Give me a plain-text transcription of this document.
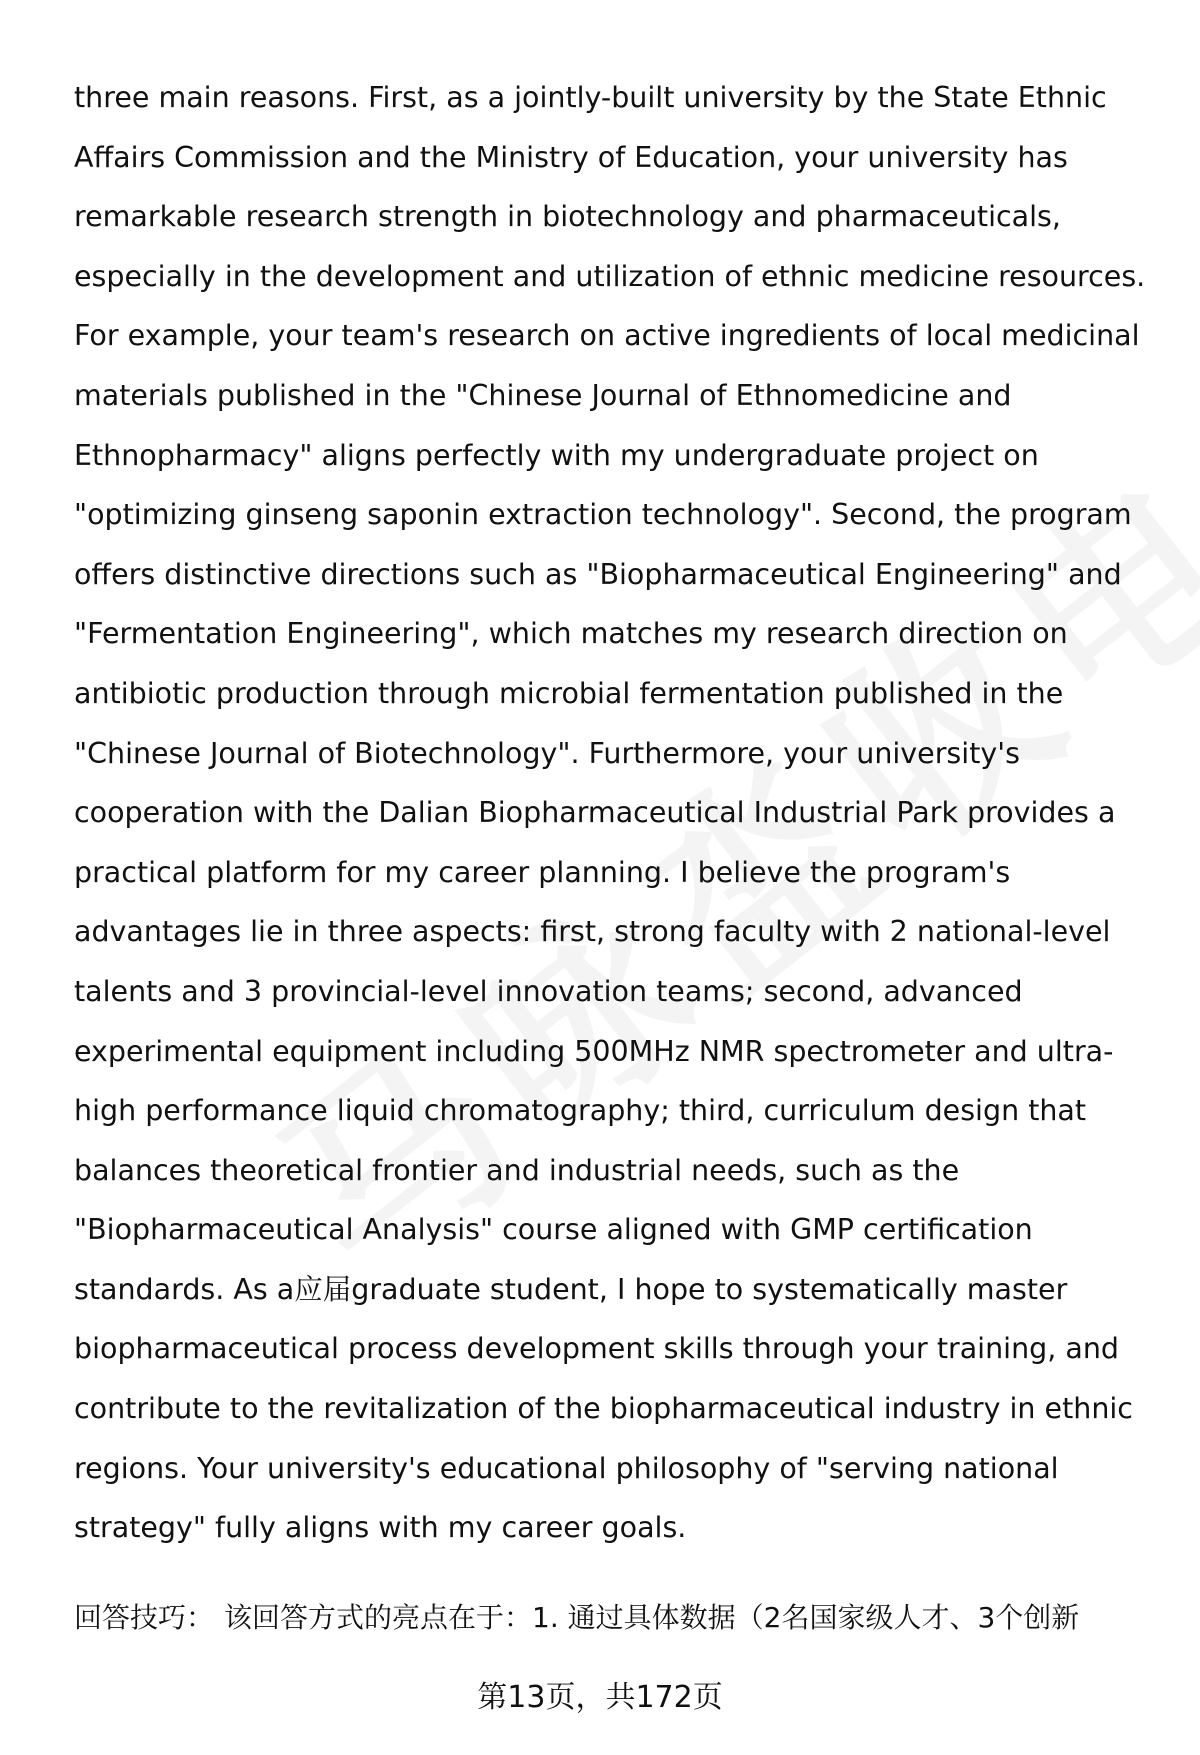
three main reasons. First, as a jointly-built university by the State Ethnic
Affairs Commission and the Ministry of Education, your university has
remarkable research strength in biotechnology and pharmaceuticals,
especially in the development and utilization of ethnic medicine resources.
For example, your team's research on active ingredients of local medicinal
materials published in the "Chinese Journal of Ethnomedicine and
Ethnopharmacy" aligns perfectly with my undergraduate project on
"optimizing ginseng saponin extraction technology". Second, the program
offers distinctive directions such as "Biopharmaceutical Engineering" and
"Fermentation Engineering", which matches my research direction on
antibiotic production through microbial fermentation published in the
"Chinese Journal of Biotechnology". Furthermore, your university's
cooperation with the Dalian Biopharmaceutical Industrial Park provides a
practical platform for my career planning. I believe the program's
advantages lie in three aspects: first, strong faculty with 2 national-level
talents and 3 provincial-level innovation teams; second, advanced
experimental equipment including 500MHz NMR spectrometer and ultra-
high performance liquid chromatography; third, curriculum design that
balances theoretical frontier and industrial needs, such as the
"Biopharmaceutical Analysis" course aligned with GMP certification
standards. As a应届graduate student, I hope to systematically master
biopharmaceutical process development skills through your training, and
contribute to the revitalization of the biopharmaceutical industry in ethnic
regions. Your university's educational philosophy of "serving national
strategy" fully aligns with my career goals.
回答技巧： 该回答方式的亮点在于：1. 通过具体数据（2名国家级人才、3个创新
第13页，共172页
